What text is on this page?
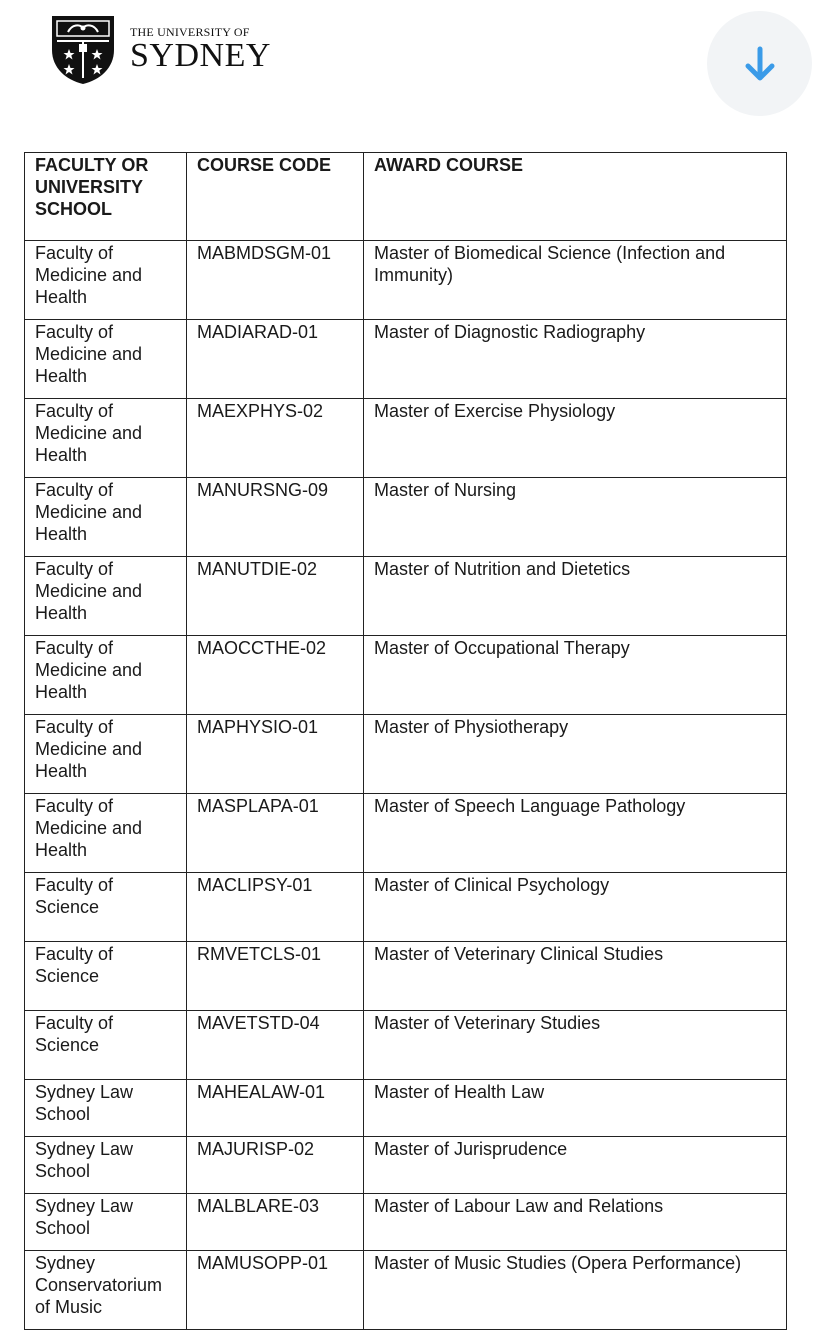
THE UNIVERSITY OF
SYDNEY
FACULTY OR UNIVERSITY SCHOOL	COURSE CODE	AWARD COURSE
Faculty of Medicine and Health	MABMDSGM-01	Master of Biomedical Science (Infection and Immunity)
Faculty of Medicine and Health	MADIARAD-01	Master of Diagnostic Radiography
Faculty of Medicine and Health	MAEXPHYS-02	Master of Exercise Physiology
Faculty of Medicine and Health	MANURSNG-09	Master of Nursing
Faculty of Medicine and Health	MANUTDIE-02	Master of Nutrition and Dietetics
Faculty of Medicine and Health	MAOCCTHE-02	Master of Occupational Therapy
Faculty of Medicine and Health	MAPHYSIO-01	Master of Physiotherapy
Faculty of Medicine and Health	MASPLAPA-01	Master of Speech Language Pathology
Faculty of Science	MACLIPSY-01	Master of Clinical Psychology
Faculty of Science	RMVETCLS-01	Master of Veterinary Clinical Studies
Faculty of Science	MAVETSTD-04	Master of Veterinary Studies
Sydney Law School	MAHEALAW-01	Master of Health Law
Sydney Law School	MAJURISP-02	Master of Jurisprudence
Sydney Law School	MALBLARE-03	Master of Labour Law and Relations
Sydney Conservatorium of Music	MAMUSOPP-01	Master of Music Studies (Opera Performance)
